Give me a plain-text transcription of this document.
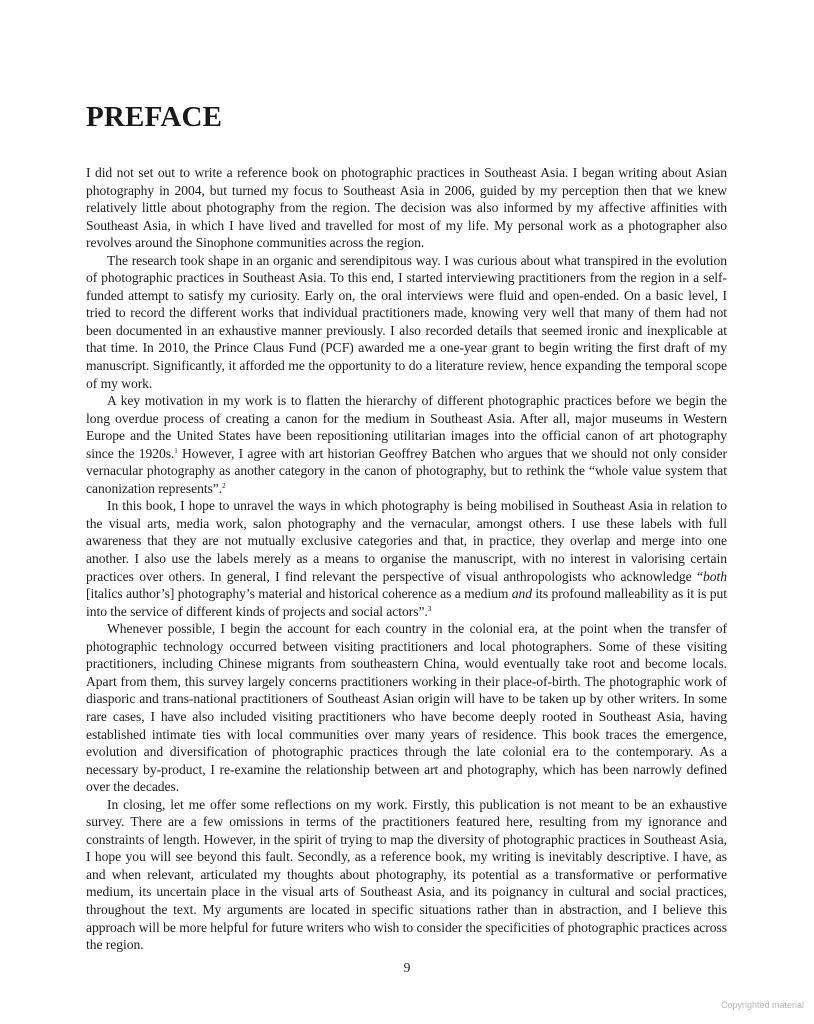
PREFACE

I did not set out to write a reference book on photographic practices in Southeast Asia. I began writing about Asian photography in 2004, but turned my focus to Southeast Asia in 2006, guided by my perception then that we knew relatively little about photography from the region. The decision was also informed by my affective affinities with Southeast Asia, in which I have lived and travelled for most of my life. My personal work as a photographer also revolves around the Sinophone communities across the region.

The research took shape in an organic and serendipitous way. I was curious about what transpired in the evolution of photographic practices in Southeast Asia. To this end, I started interviewing practitioners from the region in a self-funded attempt to satisfy my curiosity. Early on, the oral interviews were fluid and open-ended. On a basic level, I tried to record the different works that individual practitioners made, knowing very well that many of them had not been documented in an exhaustive manner previously. I also recorded details that seemed ironic and inexplicable at that time. In 2010, the Prince Claus Fund (PCF) awarded me a one-year grant to begin writing the first draft of my manuscript. Significantly, it afforded me the opportunity to do a literature review, hence expanding the temporal scope of my work.

A key motivation in my work is to flatten the hierarchy of different photographic practices before we begin the long overdue process of creating a canon for the medium in Southeast Asia. After all, major museums in Western Europe and the United States have been repositioning utilitarian images into the official canon of art photography since the 1920s.$^1$ However, I agree with art historian Geoffrey Batchen who argues that we should not only consider vernacular photography as another category in the canon of photography, but to rethink the “whole value system that canonization represents”.$^2$

In this book, I hope to unravel the ways in which photography is being mobilised in Southeast Asia in relation to the visual arts, media work, salon photography and the vernacular, amongst others. I use these labels with full awareness that they are not mutually exclusive categories and that, in practice, they overlap and merge into one another. I also use the labels merely as a means to organise the manuscript, with no interest in valorising certain practices over others. In general, I find relevant the perspective of visual anthropologists who acknowledge “both [italics author’s] photography’s material and historical coherence as a medium and its profound malleability as it is put into the service of different kinds of projects and social actors”.$^3$

Whenever possible, I begin the account for each country in the colonial era, at the point when the transfer of photographic technology occurred between visiting practitioners and local photographers. Some of these visiting practitioners, including Chinese migrants from southeastern China, would eventually take root and become locals. Apart from them, this survey largely concerns practitioners working in their place-of-birth. The photographic work of diasporic and trans-national practitioners of Southeast Asian origin will have to be taken up by other writers. In some rare cases, I have also included visiting practitioners who have become deeply rooted in Southeast Asia, having established intimate ties with local communities over many years of residence. This book traces the emergence, evolution and diversification of photographic practices through the late colonial era to the contemporary. As a necessary by-product, I re-examine the relationship between art and photography, which has been narrowly defined over the decades.

In closing, let me offer some reflections on my work. Firstly, this publication is not meant to be an exhaustive survey. There are a few omissions in terms of the practitioners featured here, resulting from my ignorance and constraints of length. However, in the spirit of trying to map the diversity of photographic practices in Southeast Asia, I hope you will see beyond this fault. Secondly, as a reference book, my writing is inevitably descriptive. I have, as and when relevant, articulated my thoughts about photography, its potential as a transformative or performative medium, its uncertain place in the visual arts of Southeast Asia, and its poignancy in cultural and social practices, throughout the text. My arguments are located in specific situations rather than in abstraction, and I believe this approach will be more helpful for future writers who wish to consider the specificities of photographic practices across the region.

9
Copyrighted material
